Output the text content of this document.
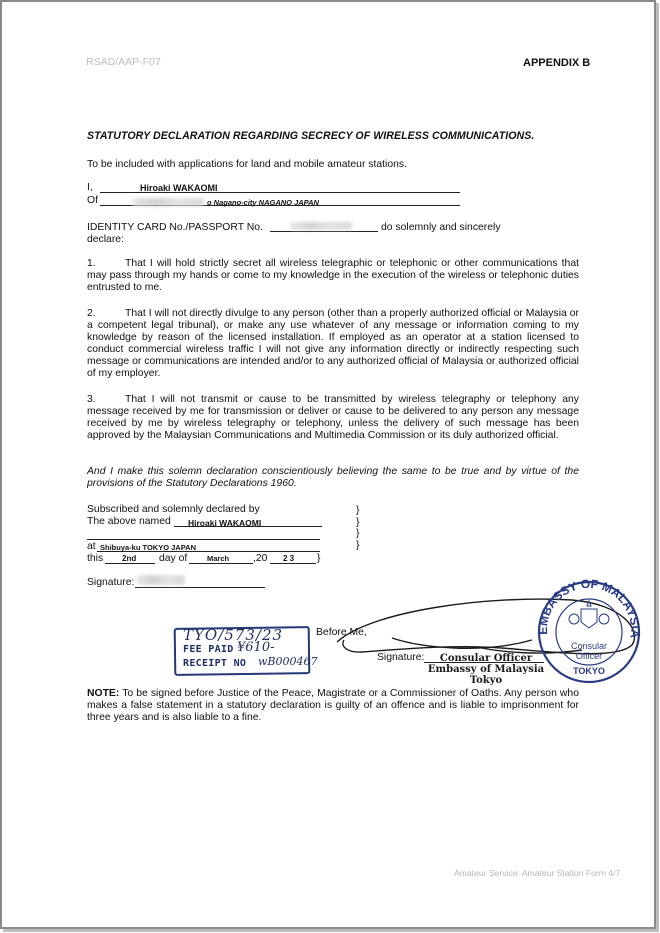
RSAD/AAP-F07	APPENDIX B
STATUTORY DECLARATION REGARDING SECRECY OF WIRELESS COMMUNICATIONS.
To be included with applications for land and mobile amateur stations.
I,	Hiroaki WAKAOMI
Of	o Nagano-city NAGANO JAPAN
IDENTITY CARD No./PASSPORT No.	do solemnly and sincerely
declare:
1.	That I will hold strictly secret all wireless telegraphic or telephonic or other communications that may pass through my hands or come to my knowledge in the execution of the wireless or telephonic duties entrusted to me.
2.	That I will not directly divulge to any person (other than a properly authorized official or Malaysia or a competent legal tribunal), or make any use whatever of any message or information coming to my knowledge by reason of the licensed installation. If employed as an operator at a station licensed to conduct commercial wireless traffic I will not give any information directly or indirectly respecting such message or communications are intended and/or to any authorized official of Malaysia or authorized official of my employer.
3.	That I will not transmit or cause to be transmitted by wireless telegraphy or telephony any message received by me for transmission or deliver or cause to be delivered to any person any message received by me by wireless telegraphy or telephony, unless the delivery of such message has been approved by the Malaysian Communications and Multimedia Commission or its duly authorized official.
And I make this solemn declaration conscientiously believing the same to be true and by virtue of the provisions of the Statutory Declarations 1960.
Subscribed and solemnly declared by
The above named Hiroaki WAKAOMI
at Shibuya-ku TOKYO JAPAN
this 2nd day of	March ,20 2 3 }
}
}
}
}
Signature:
TYO/573/23
FEE PAID ¥610-
RECEIPT NO wB000467
Before Me,
Signature:	Consular Officer
Embassy of Malaysia
Tokyo
EMBASSY OF MALAYSIA
Consular
Officer
TOKYO
NOTE: To be signed before Justice of the Peace, Magistrate or a Commissioner of Oaths. Any person who makes a false statement in a statutory declaration is guilty of an offence and is liable to imprisonment for three years and is also liable to a fine.
Amateur Service: Amateur Station Form 4/7
